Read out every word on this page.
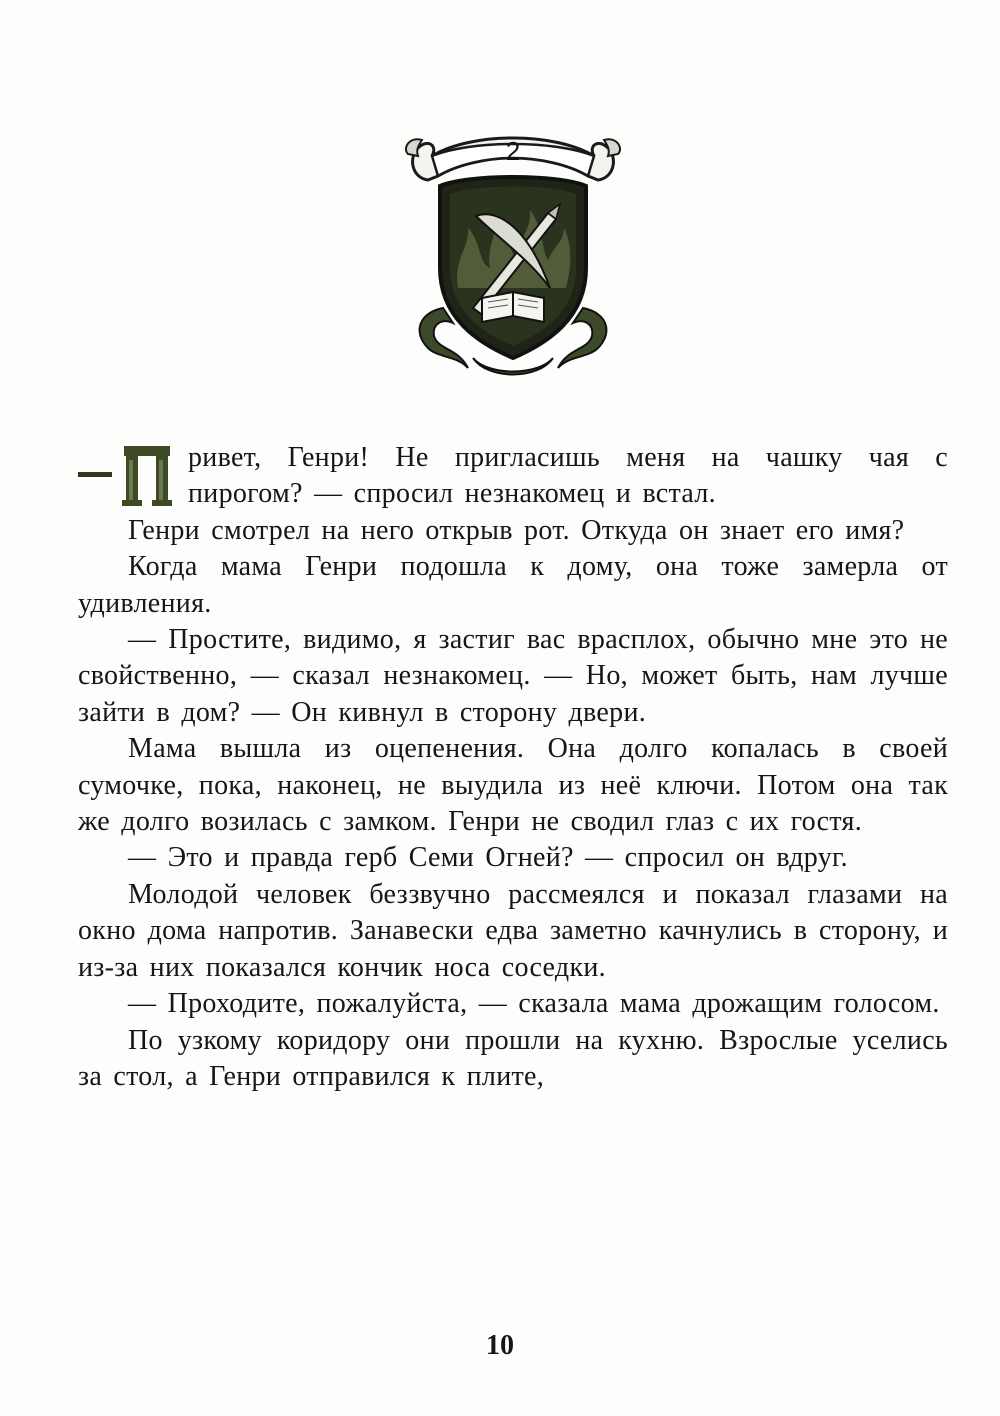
2

ривет, Генри! Не пригласишь меня на чашку чая с пирогом? — спросил незнакомец и встал.

Генри смотрел на него открыв рот. Откуда он знает его имя?

Когда мама Генри подошла к дому, она тоже замерла от удивления.

— Простите, видимо, я застиг вас врасплох, обычно мне это не свойственно, — сказал незнакомец. — Но, может быть, нам лучше зайти в дом? — Он кивнул в сторону двери.

Мама вышла из оцепенения. Она долго копалась в своей сумочке, пока, наконец, не выудила из неё ключи. Потом она так же долго возилась с замком. Генри не сводил глаз с их гостя.

— Это и правда герб Семи Огней? — спросил он вдруг.

Молодой человек беззвучно рассмеялся и показал глазами на окно дома напротив. Занавески едва заметно качнулись в сторону, и из-за них показался кончик носа соседки.

— Проходите, пожалуйста, — сказала мама дрожащим голосом.

По узкому коридору они прошли на кухню. Взрослые уселись за стол, а Генри отправился к плите,

10
